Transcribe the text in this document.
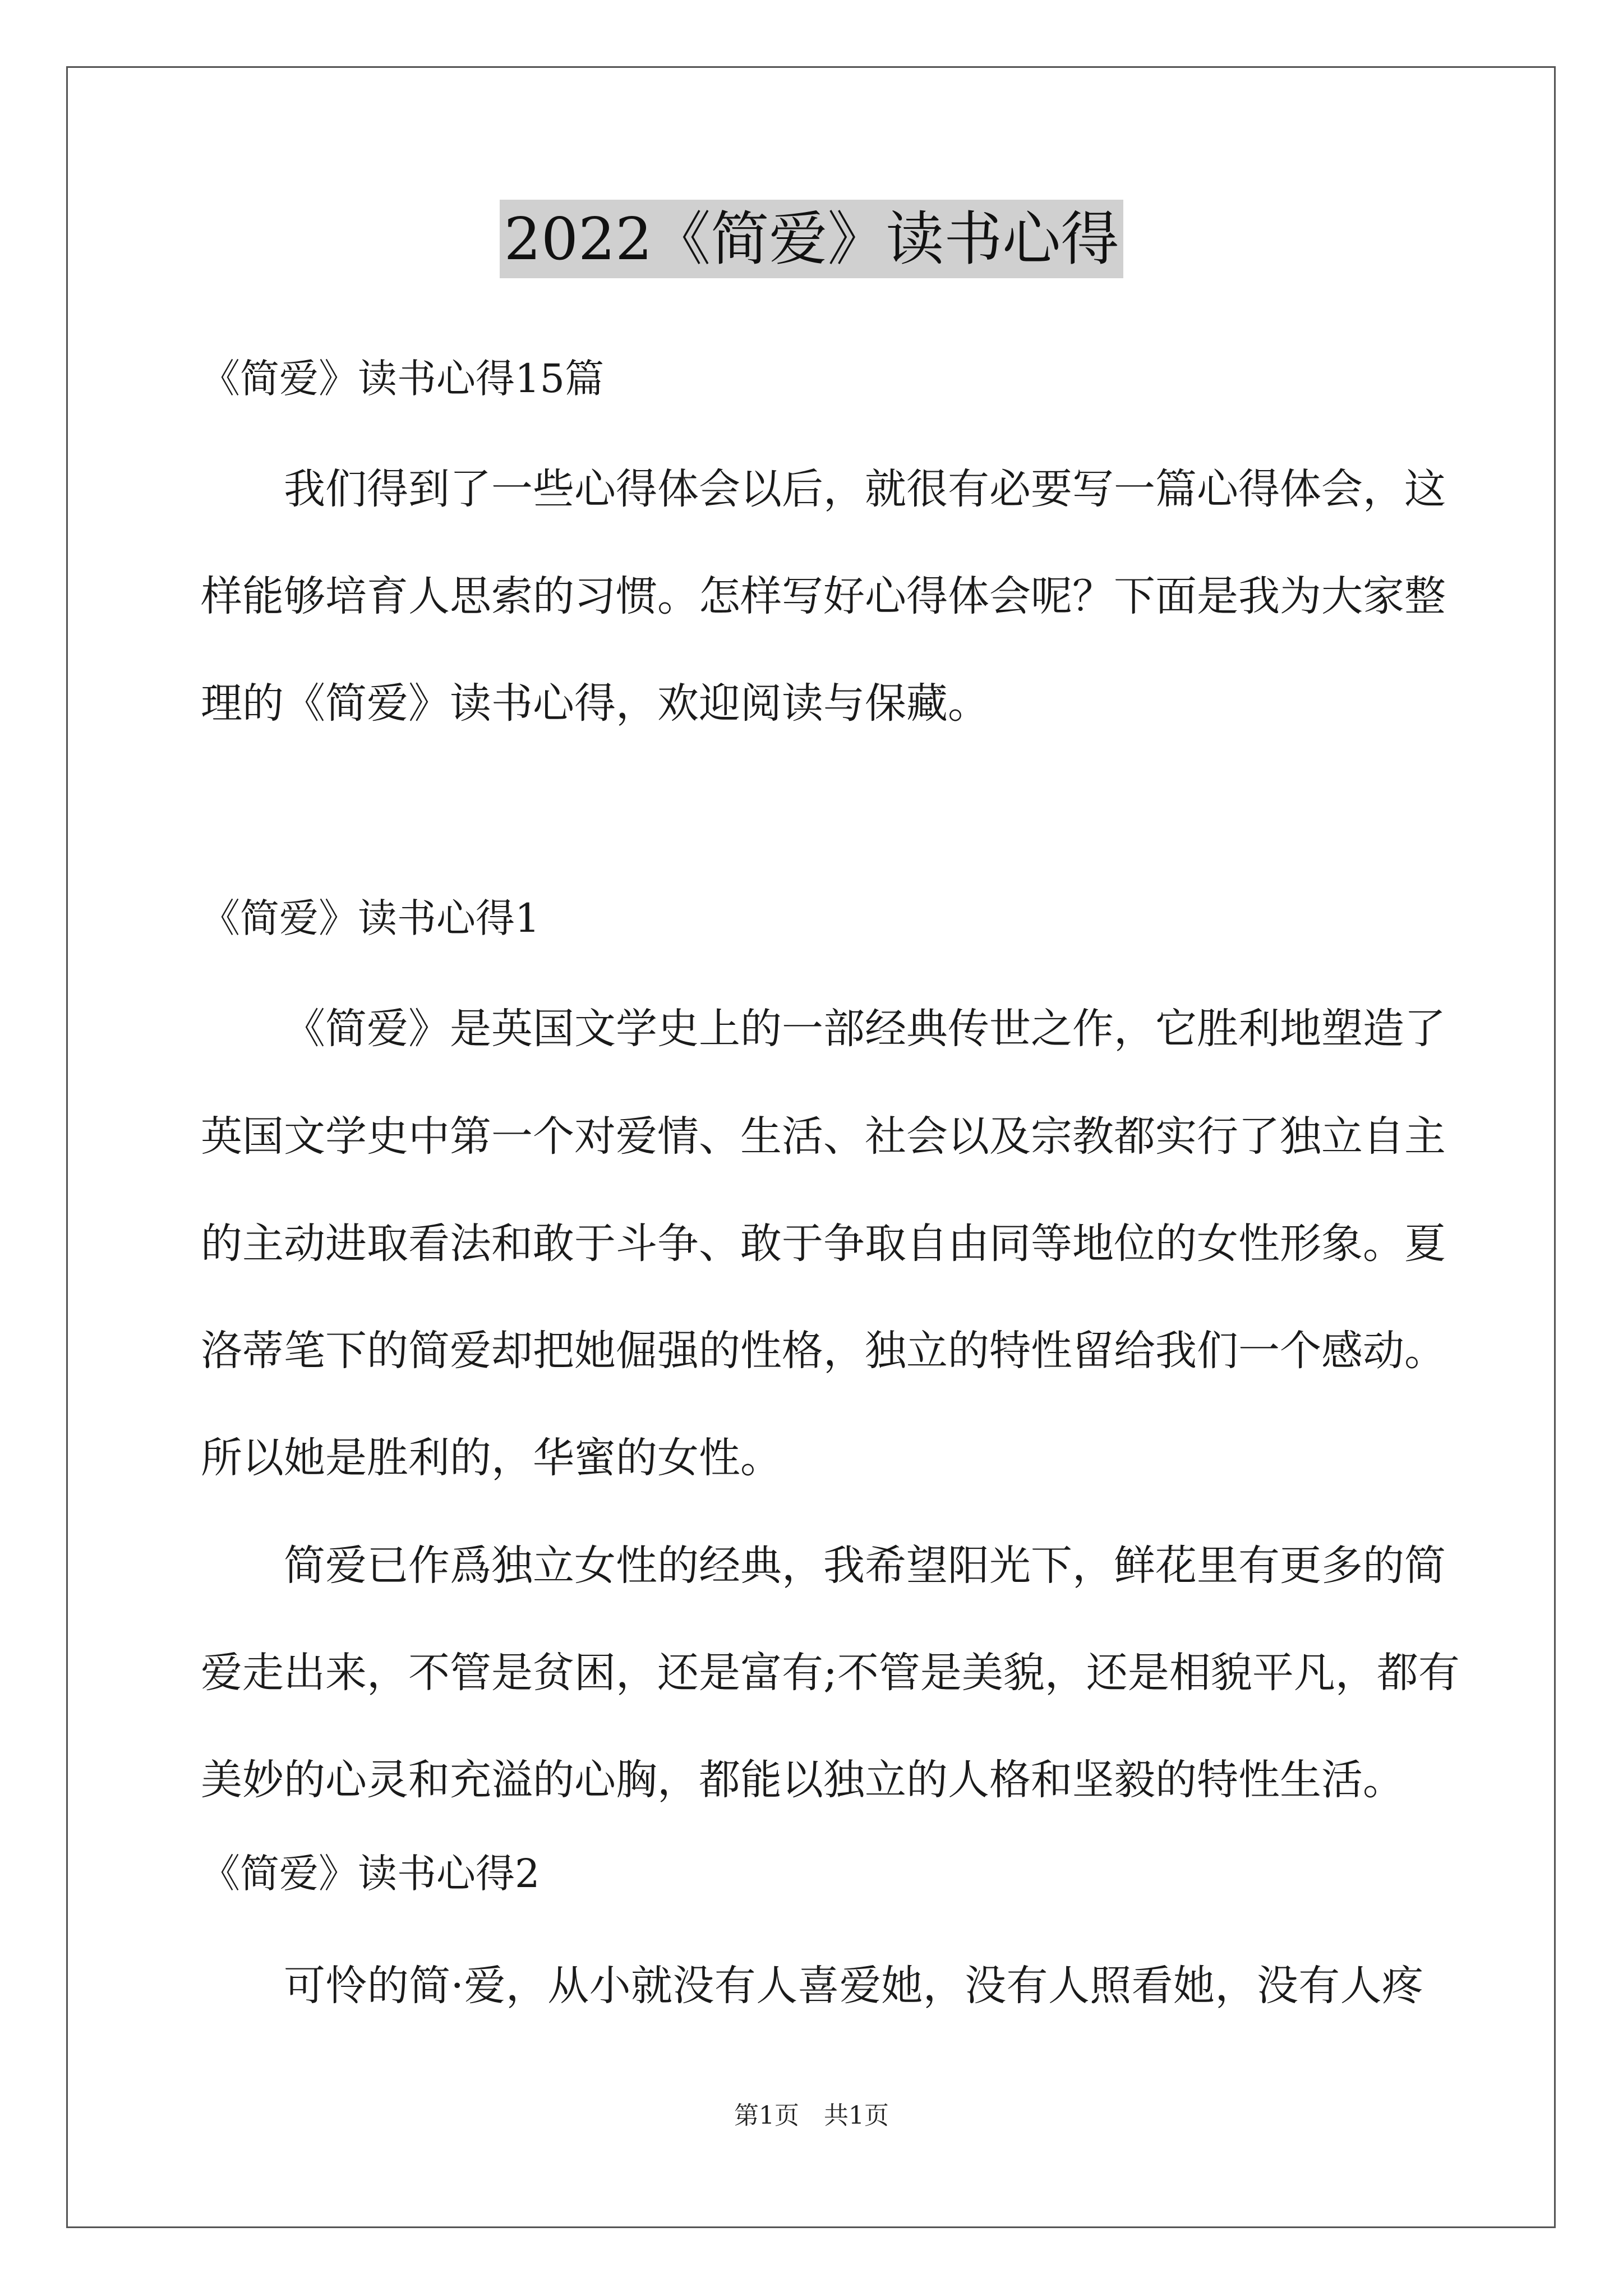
2022《简爱》读书心得
《简爱》读书心得15篇
我们得到了一些心得体会以后，就很有必要写一篇心得体会，这
样能够培育人思索的习惯。怎样写好心得体会呢？下面是我为大家整
理的《简爱》读书心得，欢迎阅读与保藏。
《简爱》读书心得1
《简爱》是英国文学史上的一部经典传世之作，它胜利地塑造了
英国文学史中第一个对爱情、生活、社会以及宗教都实行了独立自主
的主动进取看法和敢于斗争、敢于争取自由同等地位的女性形象。夏
洛蒂笔下的简爱却把她倔强的性格，独立的特性留给我们一个感动。
所以她是胜利的，华蜜的女性。
简爱已作爲独立女性的经典，我希望阳光下，鲜花里有更多的简
爱走出来，不管是贫困，还是富有;不管是美貌，还是相貌平凡，都有
美妙的心灵和充溢的心胸，都能以独立的人格和坚毅的特性生活。
《简爱》读书心得2
可怜的简·爱，从小就没有人喜爱她，没有人照看她，没有人疼
第1页　共1页
